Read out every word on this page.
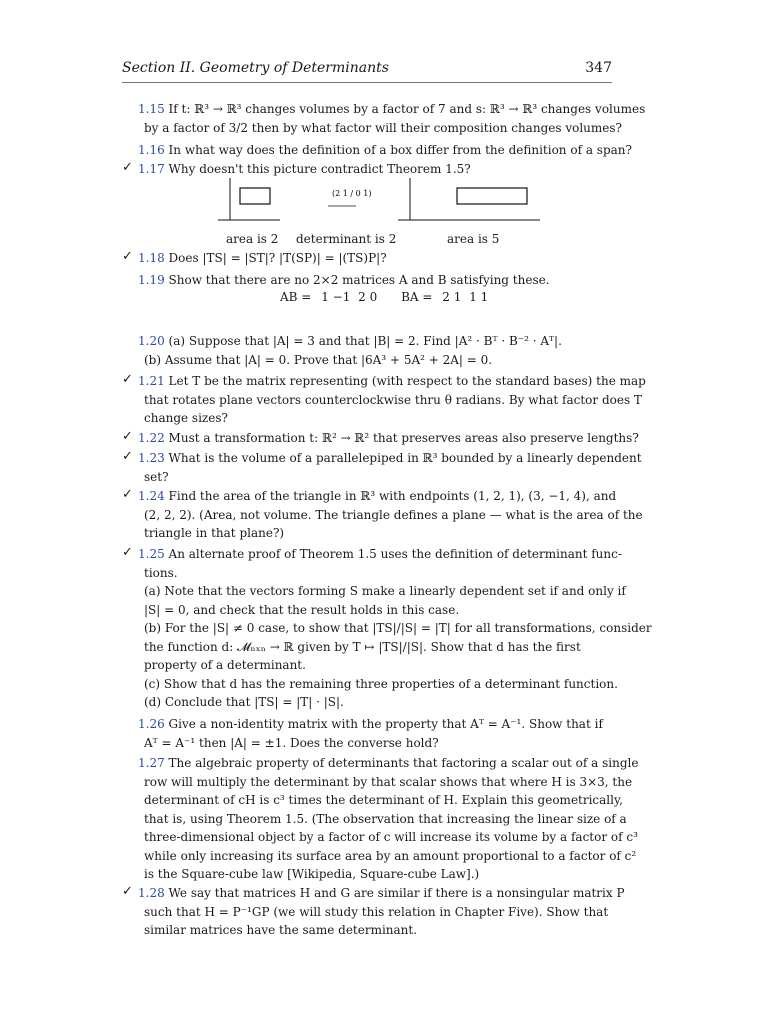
Section II. Geometry of Determinants	347
1.15 If t: ℝ³ → ℝ³ changes volumes by a factor of 7 and s: ℝ³ → ℝ³ changes volumes
by a factor of 3/2 then by what factor will their composition changes volumes?
1.16 In what way does the definition of a box differ from the definition of a span?
✓ 1.17 Why doesn't this picture contradict Theorem 1.5?
✓ 1.18 Does |TS| = |ST|? |T(SP)| = |(TS)P|?
1.19 Show that there are no 2×2 matrices A and B satisfying these.
1.20 (a) Suppose that |A| = 3 and that |B| = 2. Find |A² · Bᵀ · B⁻² · Aᵀ|.
(b) Assume that |A| = 0. Prove that |6A³ + 5A² + 2A| = 0.
✓ 1.21 Let T be the matrix representing (with respect to the standard bases) the map
that rotates plane vectors counterclockwise thru θ radians. By what factor does T
change sizes?
✓ 1.22 Must a transformation t: ℝ² → ℝ² that preserves areas also preserve lengths?
✓ 1.23 What is the volume of a parallelepiped in ℝ³ bounded by a linearly dependent
set?
✓ 1.24 Find the area of the triangle in ℝ³ with endpoints (1, 2, 1), (3, −1, 4), and
(2, 2, 2). (Area, not volume. The triangle defines a plane — what is the area of the
triangle in that plane?)
✓ 1.25 An alternate proof of Theorem 1.5 uses the definition of determinant func-
tions.
(a) Note that the vectors forming S make a linearly dependent set if and only if
|S| = 0, and check that the result holds in this case.
(b) For the |S| ≠ 0 case, to show that |TS|/|S| = |T| for all transformations, consider
the function d: 𝓜ₙₓₙ → ℝ given by T ↦ |TS|/|S|. Show that d has the first
property of a determinant.
(c) Show that d has the remaining three properties of a determinant function.
(d) Conclude that |TS| = |T| · |S|.
1.26 Give a non-identity matrix with the property that Aᵀ = A⁻¹. Show that if
Aᵀ = A⁻¹ then |A| = ±1. Does the converse hold?
1.27 The algebraic property of determinants that factoring a scalar out of a single
row will multiply the determinant by that scalar shows that where H is 3×3, the
determinant of cH is c³ times the determinant of H. Explain this geometrically,
that is, using Theorem 1.5. (The observation that increasing the linear size of a
three-dimensional object by a factor of c will increase its volume by a factor of c³
while only increasing its surface area by an amount proportional to a factor of c²
is the Square-cube law [Wikipedia, Square-cube Law].)
✓ 1.28 We say that matrices H and G are similar if there is a nonsingular matrix P
such that H = P⁻¹GP (we will study this relation in Chapter Five). Show that
similar matrices have the same determinant.
(2 1 / 0 1)
area is 2 determinant is 2	area is 5
AB = 1 −1 2 0 BA = 2 1 1 1
